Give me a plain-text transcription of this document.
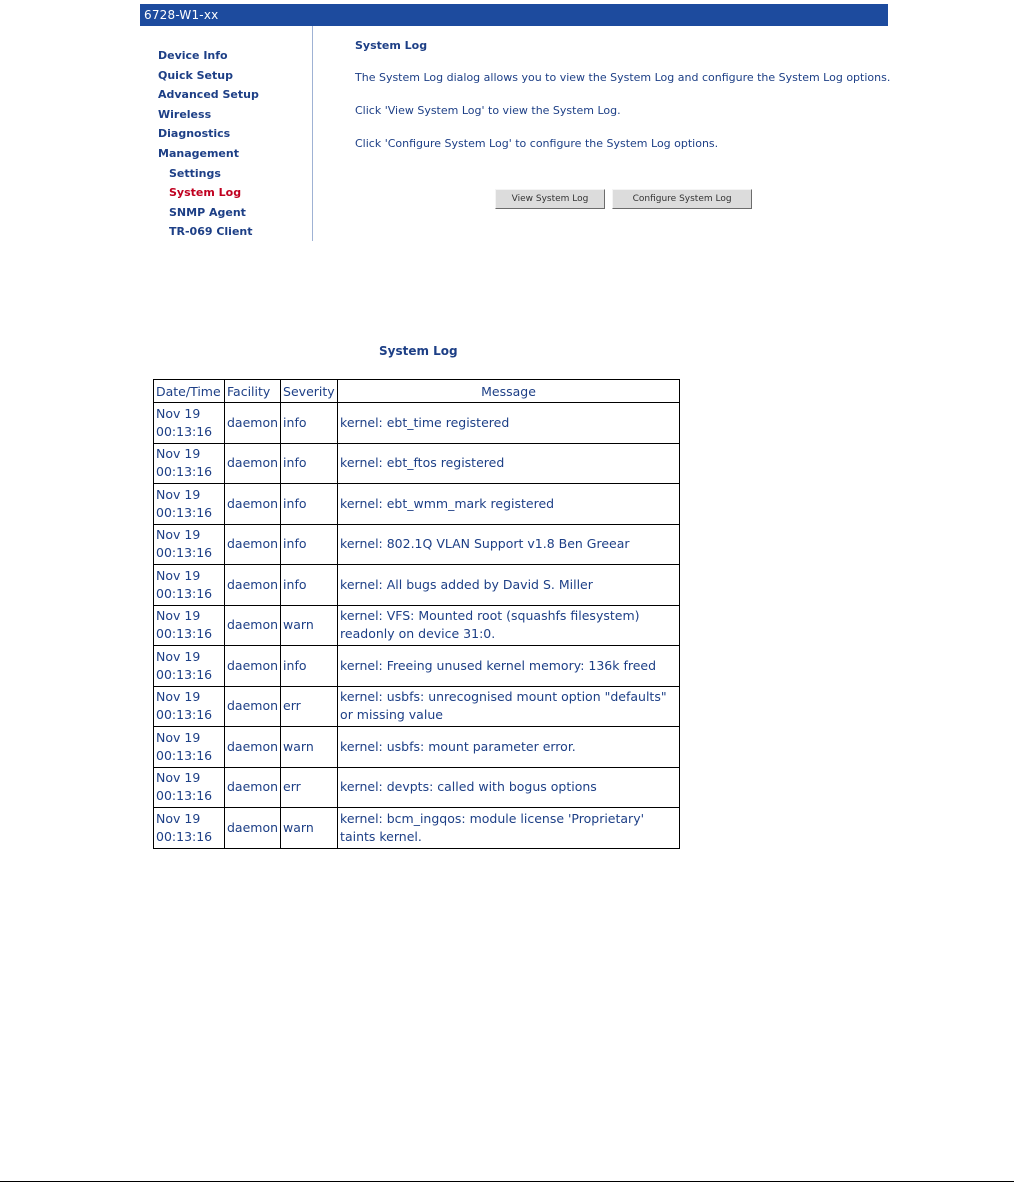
6728-W1-xx
Device Info
Quick Setup
Advanced Setup
Wireless
Diagnostics
Management
Settings
System Log
SNMP Agent
TR-069 Client
System Log

The System Log dialog allows you to view the System Log and configure the System Log options.

Click 'View System Log' to view the System Log.

Click 'Configure System Log' to configure the System Log options.

View System Log	Configure System Log
System Log
Date/Time	Facility	Severity	Message

Nov 19
00:13:16	daemon	info	kernel: ebt_time registered

Nov 19
00:13:16	daemon	info	kernel: ebt_ftos registered

Nov 19
00:13:16	daemon	info	kernel: ebt_wmm_mark registered

Nov 19
00:13:16	daemon	info	kernel: 802.1Q VLAN Support v1.8 Ben Greear

Nov 19
00:13:16	daemon	info	kernel: All bugs added by David S. Miller

Nov 19
00:13:16	daemon	warn	kernel: VFS: Mounted root (squashfs filesystem) readonly on device 31:0.

Nov 19
00:13:16	daemon	info	kernel: Freeing unused kernel memory: 136k freed

Nov 19
00:13:16	daemon	err	kernel: usbfs: unrecognised mount option "defaults" or missing value

Nov 19
00:13:16	daemon	warn	kernel: usbfs: mount parameter error.

Nov 19
00:13:16	daemon	err	kernel: devpts: called with bogus options

Nov 19
00:13:16	daemon	warn	kernel: bcm_ingqos: module license 'Proprietary' taints kernel.
